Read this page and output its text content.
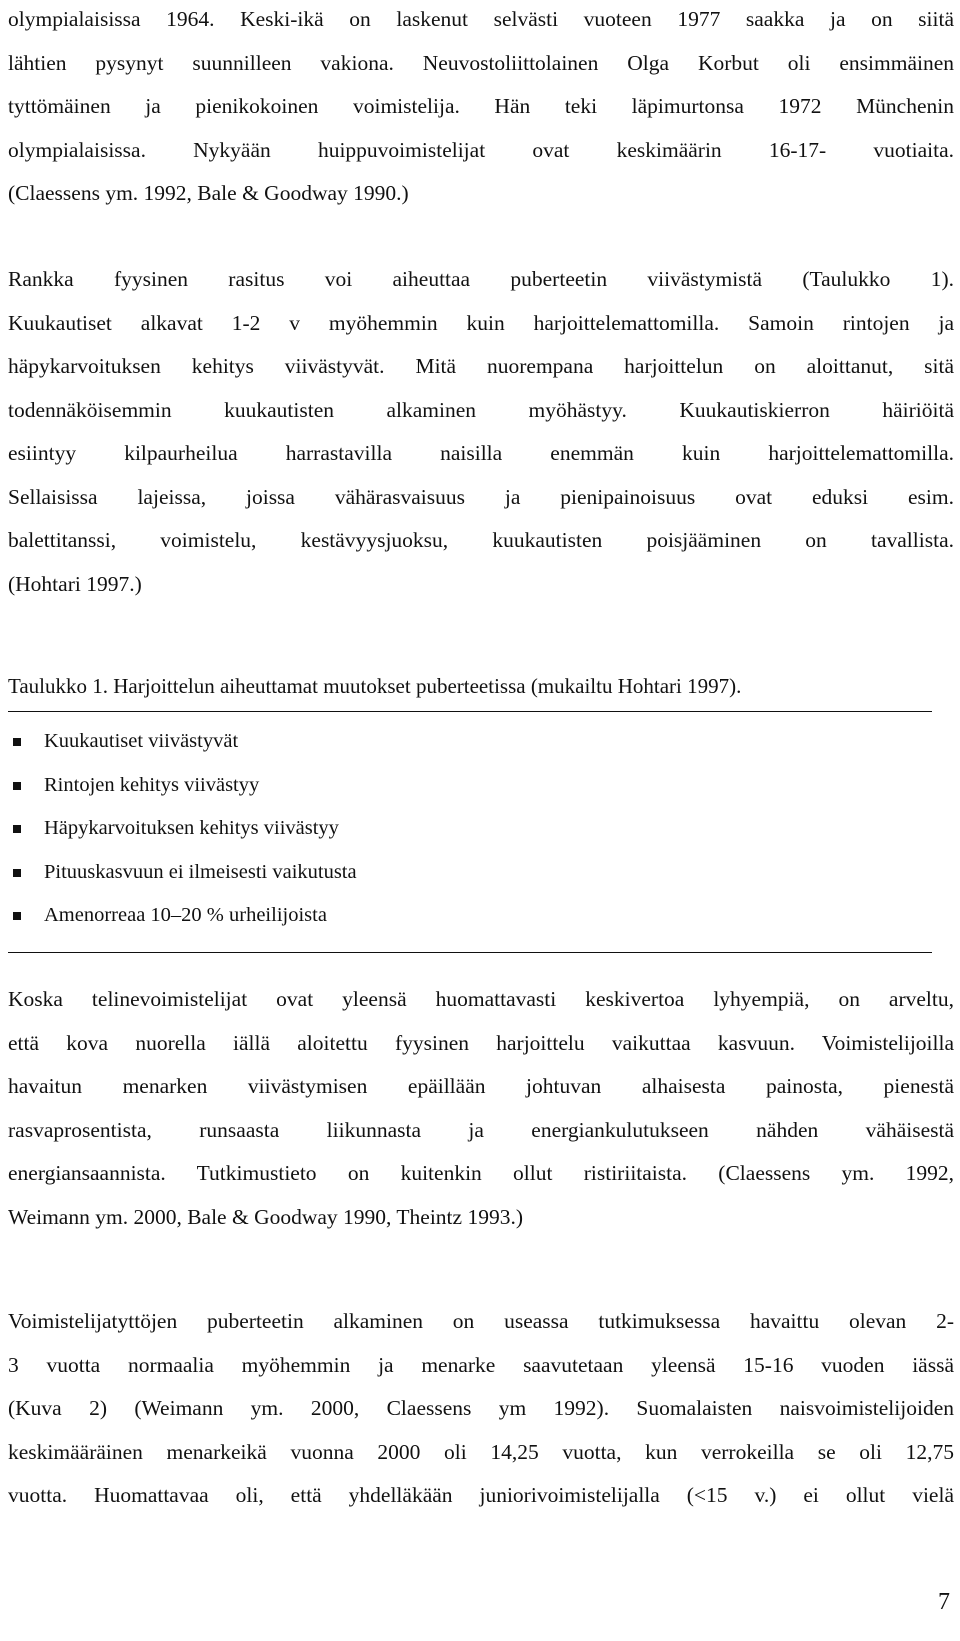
olympialaisissa 1964. Keski-ikä on laskenut selvästi vuoteen 1977 saakka ja on siitä
lähtien pysynyt suunnilleen vakiona. Neuvostoliittolainen Olga Korbut oli ensimmäinen
tyttömäinen ja pienikokoinen voimistelija. Hän teki läpimurtonsa 1972 Münchenin
olympialaisissa. Nykyään huippuvoimistelijat ovat keskimäärin 16-17- vuotiaita.
(Claessens ym. 1992, Bale & Goodway 1990.)
Rankka fyysinen rasitus voi aiheuttaa puberteetin viivästymistä (Taulukko 1).
Kuukautiset alkavat 1-2 v myöhemmin kuin harjoittelemattomilla. Samoin rintojen ja
häpykarvoituksen kehitys viivästyvät. Mitä nuorempana harjoittelun on aloittanut, sitä
todennäköisemmin kuukautisten alkaminen myöhästyy. Kuukautiskierron häiriöitä
esiintyy kilpaurheilua harrastavilla naisilla enemmän kuin harjoittelemattomilla.
Sellaisissa lajeissa, joissa vähärasvaisuus ja pienipainoisuus ovat eduksi esim.
balettitanssi, voimistelu, kestävyysjuoksu, kuukautisten poisjääminen on tavallista.
(Hohtari 1997.)
Taulukko 1. Harjoittelun aiheuttamat muutokset puberteetissa (mukailtu Hohtari 1997).
Kuukautiset viivästyvät
Rintojen kehitys viivästyy
Häpykarvoituksen kehitys viivästyy
Pituuskasvuun ei ilmeisesti vaikutusta
Amenorreaa 10–20 % urheilijoista
Koska telinevoimistelijat ovat yleensä huomattavasti keskivertoa lyhyempiä, on arveltu,
että kova nuorella iällä aloitettu fyysinen harjoittelu vaikuttaa kasvuun. Voimistelijoilla
havaitun menarken viivästymisen epäillään johtuvan alhaisesta painosta, pienestä
rasvaprosentista, runsaasta liikunnasta ja energiankulutukseen nähden vähäisestä
energiansaannista. Tutkimustieto on kuitenkin ollut ristiriitaista. (Claessens ym. 1992,
Weimann ym. 2000, Bale & Goodway 1990, Theintz 1993.)
Voimistelijatyttöjen puberteetin alkaminen on useassa tutkimuksessa havaittu olevan 2-
3 vuotta normaalia myöhemmin ja menarke saavutetaan yleensä 15-16 vuoden iässä
(Kuva 2) (Weimann ym. 2000, Claessens ym 1992). Suomalaisten naisvoimistelijoiden
keskimääräinen menarkeikä vuonna 2000 oli 14,25 vuotta, kun verrokeilla se oli 12,75
vuotta. Huomattavaa oli, että yhdelläkään juniorivoimistelijalla (<15 v.) ei ollut vielä
7
